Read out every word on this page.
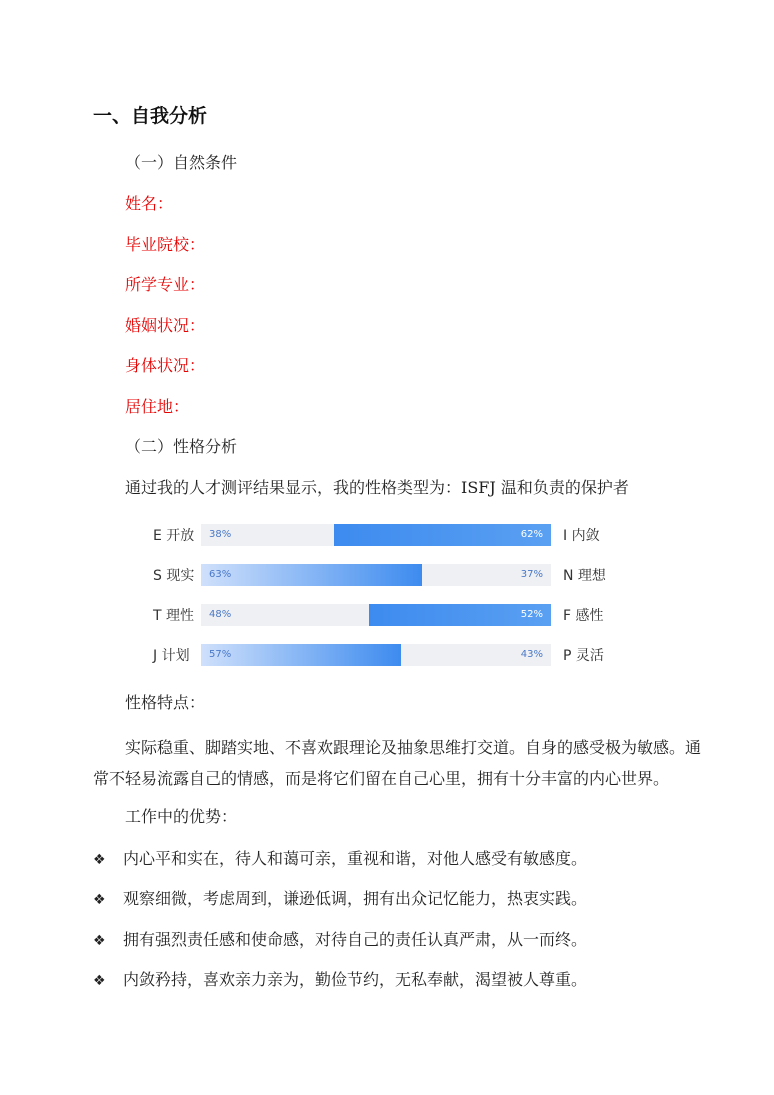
一、自我分析
（一）自然条件
姓名：
毕业院校：
所学专业：
婚姻状况：
身体状况：
居住地：
（二）性格分析
通过我的人才测评结果显示，我的性格类型为：ISFJ 温和负责的保护者
E 开放 38%	62% I 内敛
S 现实 63%	37% N 理想
T 理性 48%	52% F 感性
J 计划 57%	43% P 灵活
性格特点：
实际稳重、脚踏实地、不喜欢跟理论及抽象思维打交道。自身的感受极为敏感。通
常不轻易流露自己的情感，而是将它们留在自己心里，拥有十分丰富的内心世界。
工作中的优势：
❖ 内心平和实在，待人和蔼可亲，重视和谐，对他人感受有敏感度。
❖ 观察细微，考虑周到，谦逊低调，拥有出众记忆能力，热衷实践。
❖ 拥有强烈责任感和使命感，对待自己的责任认真严肃，从一而终。
❖ 内敛矜持，喜欢亲力亲为，勤俭节约，无私奉献，渴望被人尊重。
